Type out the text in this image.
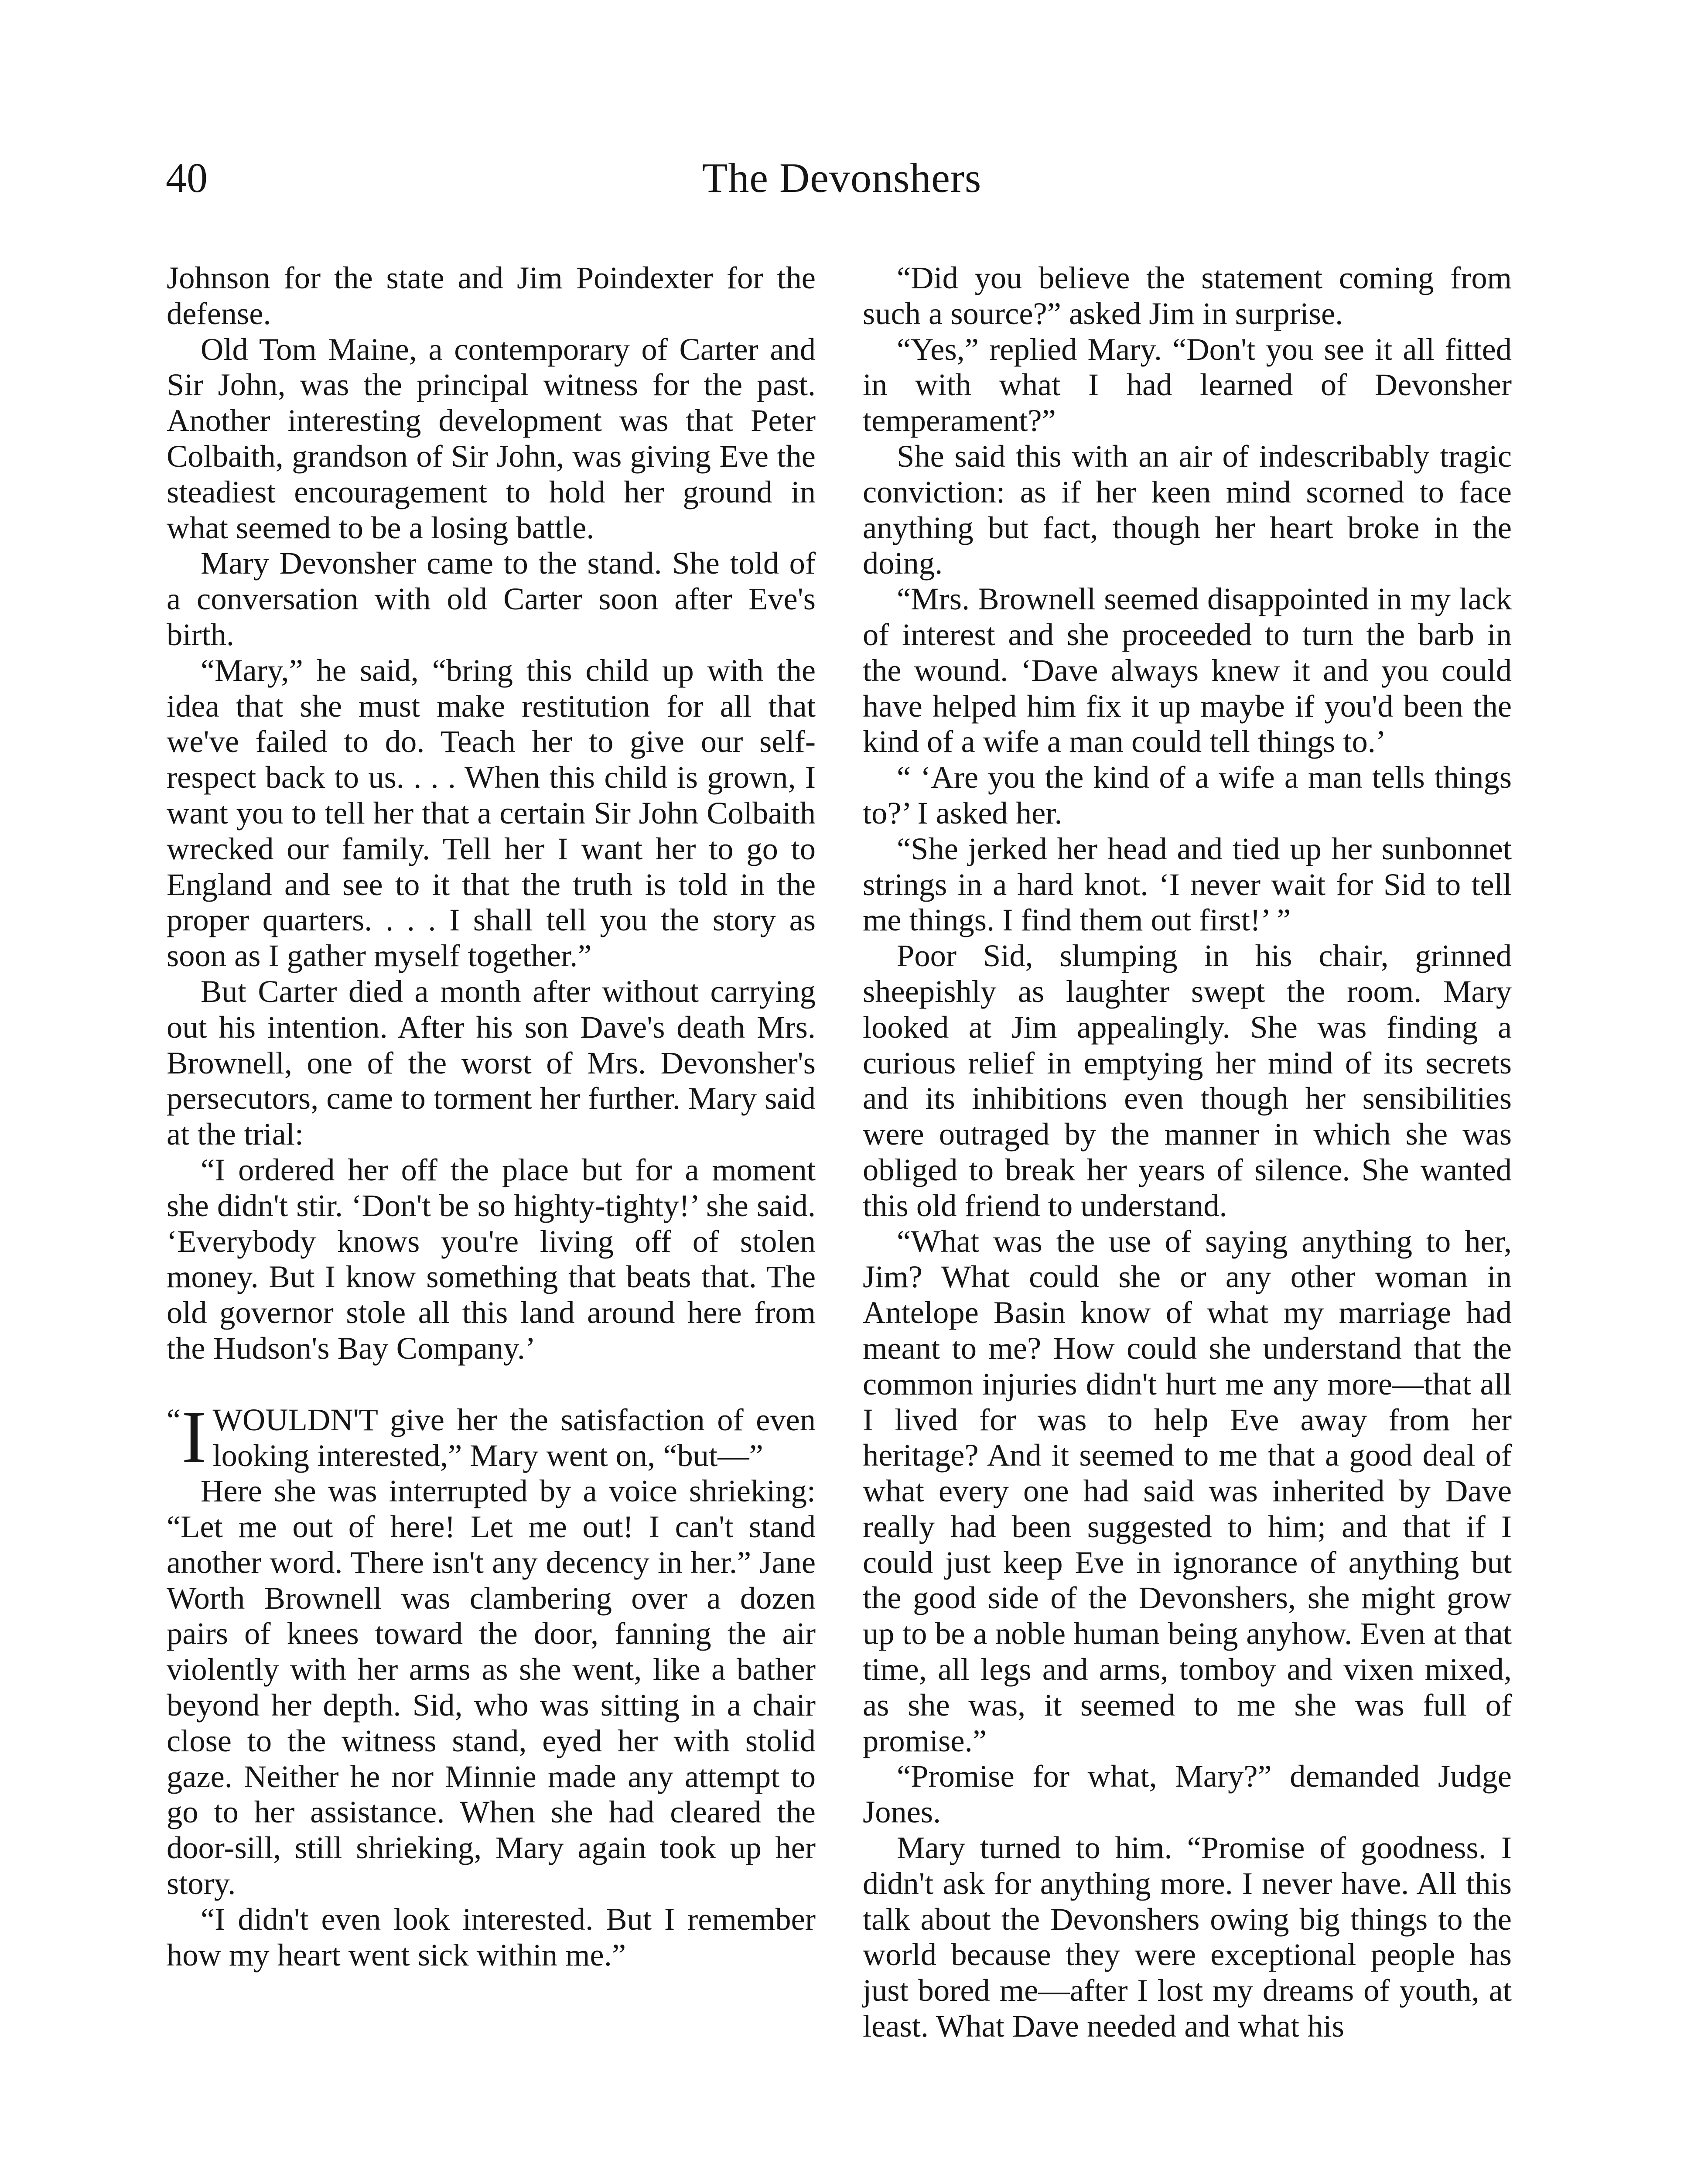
40	The Devonshers

Johnson for the state and Jim Poindexter for the defense.

Old Tom Maine, a contemporary of Carter and Sir John, was the principal witness for the past. Another interesting development was that Peter Colbaith, grandson of Sir John, was giving Eve the steadiest encouragement to hold her ground in what seemed to be a losing battle.

Mary Devonsher came to the stand. She told of a conversation with old Carter soon after Eve's birth.

“Mary,” he said, “bring this child up with the idea that she must make restitution for all that we've failed to do. Teach her to give our self-respect back to us. . . . When this child is grown, I want you to tell her that a certain Sir John Colbaith wrecked our family. Tell her I want her to go to England and see to it that the truth is told in the proper quarters. . . . I shall tell you the story as soon as I gather myself together.”

But Carter died a month after without carrying out his intention. After his son Dave's death Mrs. Brownell, one of the worst of Mrs. Devonsher's persecutors, came to torment her further. Mary said at the trial:

“I ordered her off the place but for a moment she didn't stir. ‘Don't be so highty-tighty!’ she said. ‘Everybody knows you're living off of stolen money. But I know something that beats that. The old governor stole all this land around here from the Hudson's Bay Company.’

“ I WOULDN'T give her the satisfaction of even looking interested,” Mary went on, “but—”

Here she was interrupted by a voice shrieking: “Let me out of here! Let me out! I can't stand another word. There isn't any decency in her.” Jane Worth Brownell was clambering over a dozen pairs of knees toward the door, fanning the air violently with her arms as she went, like a bather beyond her depth. Sid, who was sitting in a chair close to the witness stand, eyed her with stolid gaze. Neither he nor Minnie made any attempt to go to her assistance. When she had cleared the door-sill, still shrieking, Mary again took up her story.

“I didn't even look interested. But I remember how my heart went sick within me.”

“Did you believe the statement coming from such a source?” asked Jim in surprise.

“Yes,” replied Mary. “Don't you see it all fitted in with what I had learned of Devonsher temperament?”

She said this with an air of indescribably tragic conviction: as if her keen mind scorned to face anything but fact, though her heart broke in the doing.

“Mrs. Brownell seemed disappointed in my lack of interest and she proceeded to turn the barb in the wound. ‘Dave always knew it and you could have helped him fix it up maybe if you'd been the kind of a wife a man could tell things to.’

“ ‘Are you the kind of a wife a man tells things to?’ I asked her.

“She jerked her head and tied up her sunbonnet strings in a hard knot. ‘I never wait for Sid to tell me things. I find them out first!’ ”

Poor Sid, slumping in his chair, grinned sheepishly as laughter swept the room. Mary looked at Jim appealingly. She was finding a curious relief in emptying her mind of its secrets and its inhibitions even though her sensibilities were outraged by the manner in which she was obliged to break her years of silence. She wanted this old friend to understand.

“What was the use of saying anything to her, Jim? What could she or any other woman in Antelope Basin know of what my marriage had meant to me? How could she understand that the common injuries didn't hurt me any more—that all I lived for was to help Eve away from her heritage? And it seemed to me that a good deal of what every one had said was inherited by Dave really had been suggested to him; and that if I could just keep Eve in ignorance of anything but the good side of the Devonshers, she might grow up to be a noble human being anyhow. Even at that time, all legs and arms, tomboy and vixen mixed, as she was, it seemed to me she was full of promise.”

“Promise for what, Mary?” demanded Judge Jones.

Mary turned to him. “Promise of goodness. I didn't ask for anything more. I never have. All this talk about the Devonshers owing big things to the world because they were exceptional people has just bored me—after I lost my dreams of youth, at least. What Dave needed and what his
